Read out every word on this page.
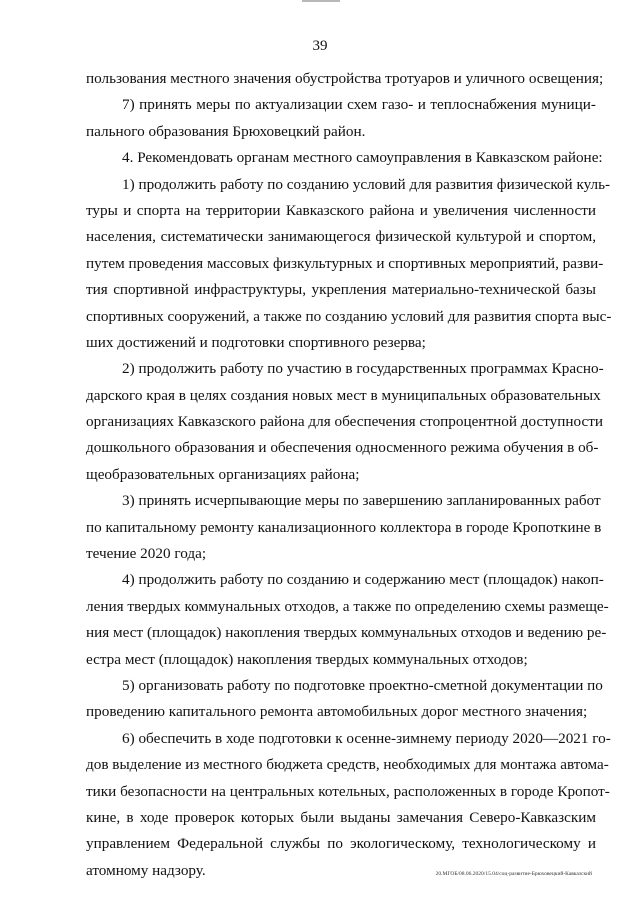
39
пользования местного значения обустройства тротуаров и уличного освещения;
7) принять меры по актуализации схем газо- и теплоснабжения муници-
пального образования Брюховецкий район.
4. Рекомендовать органам местного самоуправления в Кавказском районе:
1) продолжить работу по созданию условий для развития физической куль-
туры и спорта на территории Кавказского района и увеличения численности
населения, систематически занимающегося физической культурой и спортом,
путем проведения массовых физкультурных и спортивных мероприятий, разви-
тия спортивной инфраструктуры, укрепления материально-технической базы
спортивных сооружений, а также по созданию условий для развития спорта выс-
ших достижений и подготовки спортивного резерва;
2) продолжить работу по участию в государственных программах Красно-
дарского края в целях создания новых мест в муниципальных образовательных
организациях Кавказского района для обеспечения стопроцентной доступности
дошкольного образования и обеспечения односменного режима обучения в об-
щеобразовательных организациях района;
3) принять исчерпывающие меры по завершению запланированных работ
по капитальному ремонту канализационного коллектора в городе Кропоткине в
течение 2020 года;
4) продолжить работу по созданию и содержанию мест (площадок) накоп-
ления твердых коммунальных отходов, а также по определению схемы размеще-
ния мест (площадок) накопления твердых коммунальных отходов и ведению ре-
естра мест (площадок) накопления твердых коммунальных отходов;
5) организовать работу по подготовке проектно-сметной документации по
проведению капитального ремонта автомобильных дорог местного значения;
6) обеспечить в ходе подготовки к осенне-зимнему периоду 2020—2021 го-
дов выделение из местного бюджета средств, необходимых для монтажа автома-
тики безопасности на центральных котельных, расположенных в городе Кропот-
кине, в ходе проверок которых были выданы замечания Северо-Кавказским
управлением Федеральной службы по экологическому, технологическому и
атомному надзору.	20.МГОБ/08.06.2020/15.04/соц-развитие-Брюховецкий-Кавказский
